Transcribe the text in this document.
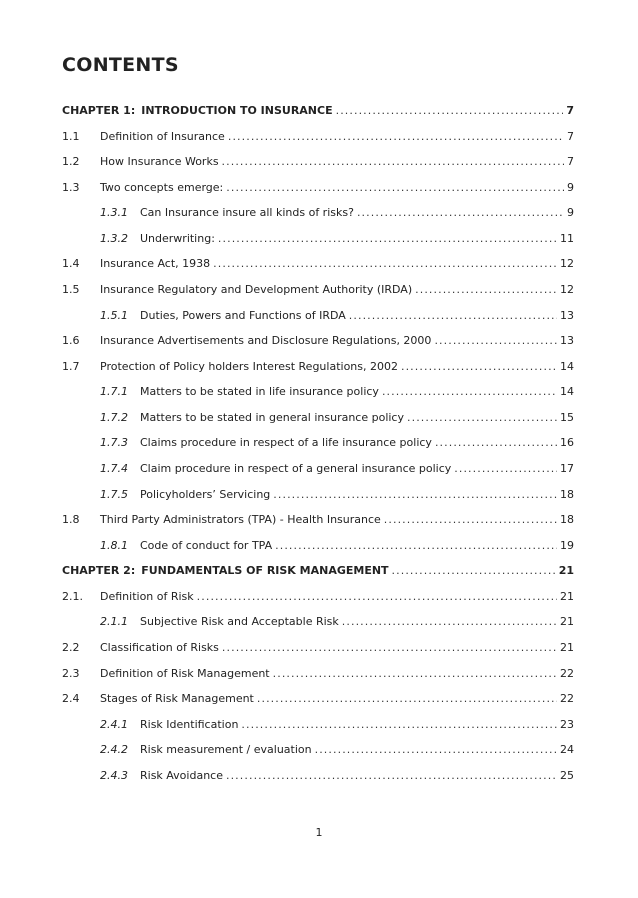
CONTENTS
CHAPTER 1: INTRODUCTION TO INSURANCE .....	7
1.1	Definition of Insurance .....	7
1.2	How Insurance Works .....	7
1.3	Two concepts emerge: .....	9
1.3.1	Can Insurance insure all kinds of risks? .....	9
1.3.2	Underwriting: .....	11
1.4	Insurance Act, 1938 .....	12
1.5	Insurance Regulatory and Development Authority (IRDA) .....	12
1.5.1	Duties, Powers and Functions of IRDA .....	13
1.6	Insurance Advertisements and Disclosure Regulations, 2000 .....	13
1.7	Protection of Policy holders Interest Regulations, 2002 .....	14
1.7.1	Matters to be stated in life insurance policy .....	14
1.7.2	Matters to be stated in general insurance policy .....	15
1.7.3	Claims procedure in respect of a life insurance policy .....	16
1.7.4	Claim procedure in respect of a general insurance policy .....	17
1.7.5	Policyholders’ Servicing .....	18
1.8	Third Party Administrators (TPA) - Health Insurance .....	18
1.8.1	Code of conduct for TPA .....	19
CHAPTER 2: FUNDAMENTALS OF RISK MANAGEMENT .....	21
2.1.	Definition of Risk .....	21
2.1.1	Subjective Risk and Acceptable Risk .....	21
2.2	Classification of Risks .....	21
2.3	Definition of Risk Management .....	22
2.4	Stages of Risk Management .....	22
2.4.1	Risk Identification .....	23
2.4.2	Risk measurement / evaluation .....	24
2.4.3	Risk Avoidance .....	25
1
